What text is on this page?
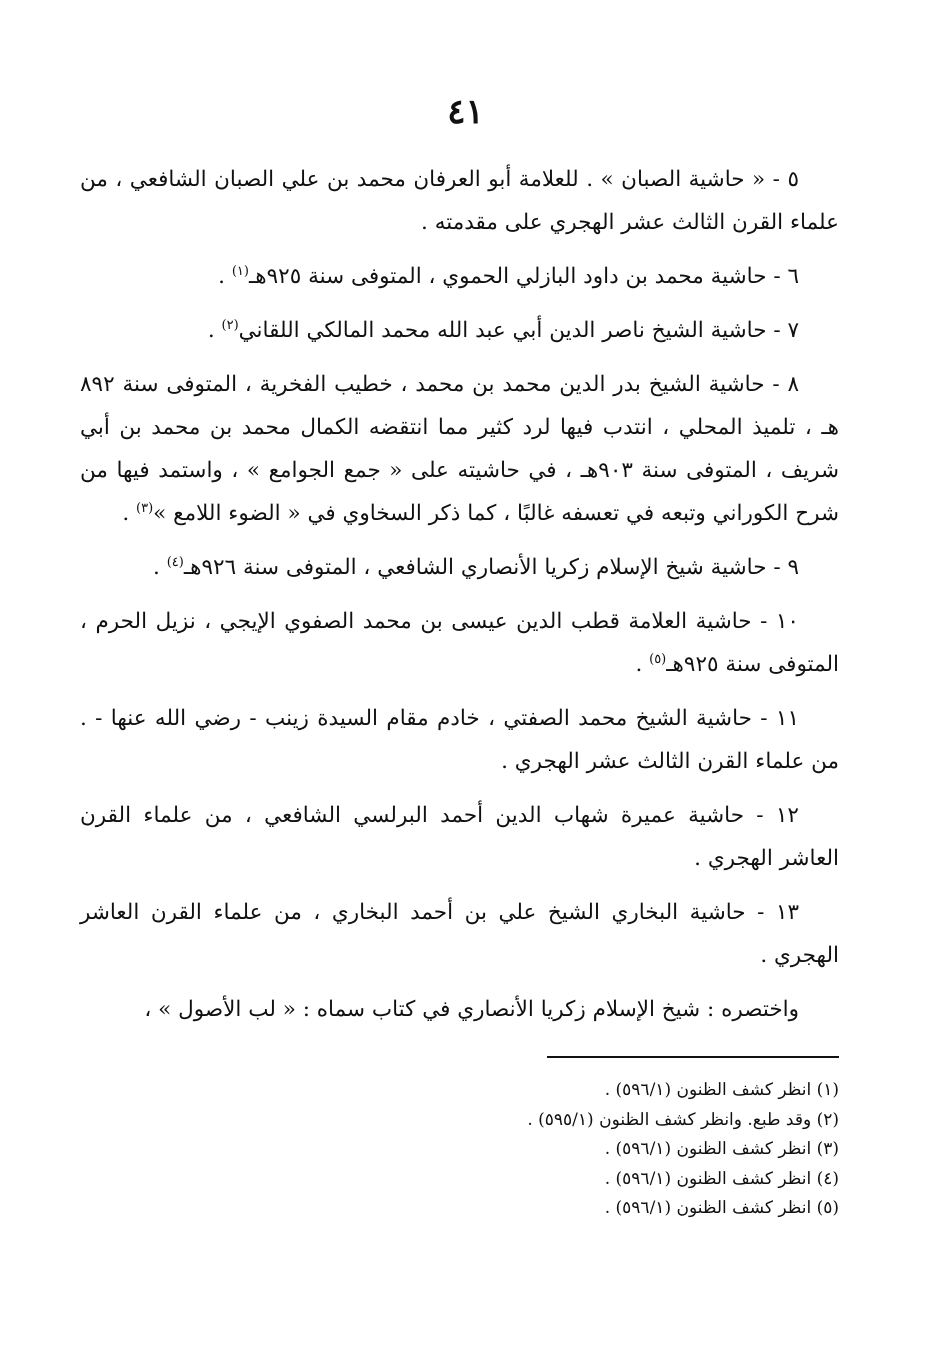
٤١

٥ - « حاشية الصبان » . للعلامة أبو العرفان محمد بن علي الصبان الشافعي ، من علماء القرن الثالث عشر الهجري على مقدمته .

٦ - حاشية محمد بن داود البازلي الحموي ، المتوفى سنة ٩٢٥هـ$^{(١)}$ .

٧ - حاشية الشيخ ناصر الدين أبي عبد الله محمد المالكي اللقاني$^{(٢)}$ .

٨ - حاشية الشيخ بدر الدين محمد بن محمد ، خطيب الفخرية ، المتوفى سنة ٨٩٢ هـ ، تلميذ المحلي ، انتدب فيها لرد كثير مما انتقضه الكمال محمد بن محمد بن أبي شريف ، المتوفى سنة ٩٠٣هـ ، في حاشيته على « جمع الجوامع » ، واستمد فيها من شرح الكوراني وتبعه في تعسفه غالبًا ، كما ذكر السخاوي في « الضوء اللامع »$^{(٣)}$ .

٩ - حاشية شيخ الإسلام زكريا الأنصاري الشافعي ، المتوفى سنة ٩٢٦هـ$^{(٤)}$ .

١٠ - حاشية العلامة قطب الدين عيسى بن محمد الصفوي الإيجي ، نزيل الحرم ، المتوفى سنة ٩٢٥هـ$^{(٥)}$ .

١١ - حاشية الشيخ محمد الصفتي ، خادم مقام السيدة زينب - رضي الله عنها - . من علماء القرن الثالث عشر الهجري .

١٢ - حاشية عميرة شهاب الدين أحمد البرلسي الشافعي ، من علماء القرن العاشر الهجري .

١٣ - حاشية البخاري الشيخ علي بن أحمد البخاري ، من علماء القرن العاشر الهجري .

واختصره : شيخ الإسلام زكريا الأنصاري في كتاب سماه : « لب الأصول » ،

(١) انظر كشف الظنون (٥٩٦/١) .
(٢) وقد طبع. وانظر كشف الظنون (٥٩٥/١) .
(٣) انظر كشف الظنون (٥٩٦/١) .
(٤) انظر كشف الظنون (٥٩٦/١) .
(٥) انظر كشف الظنون (٥٩٦/١) .
